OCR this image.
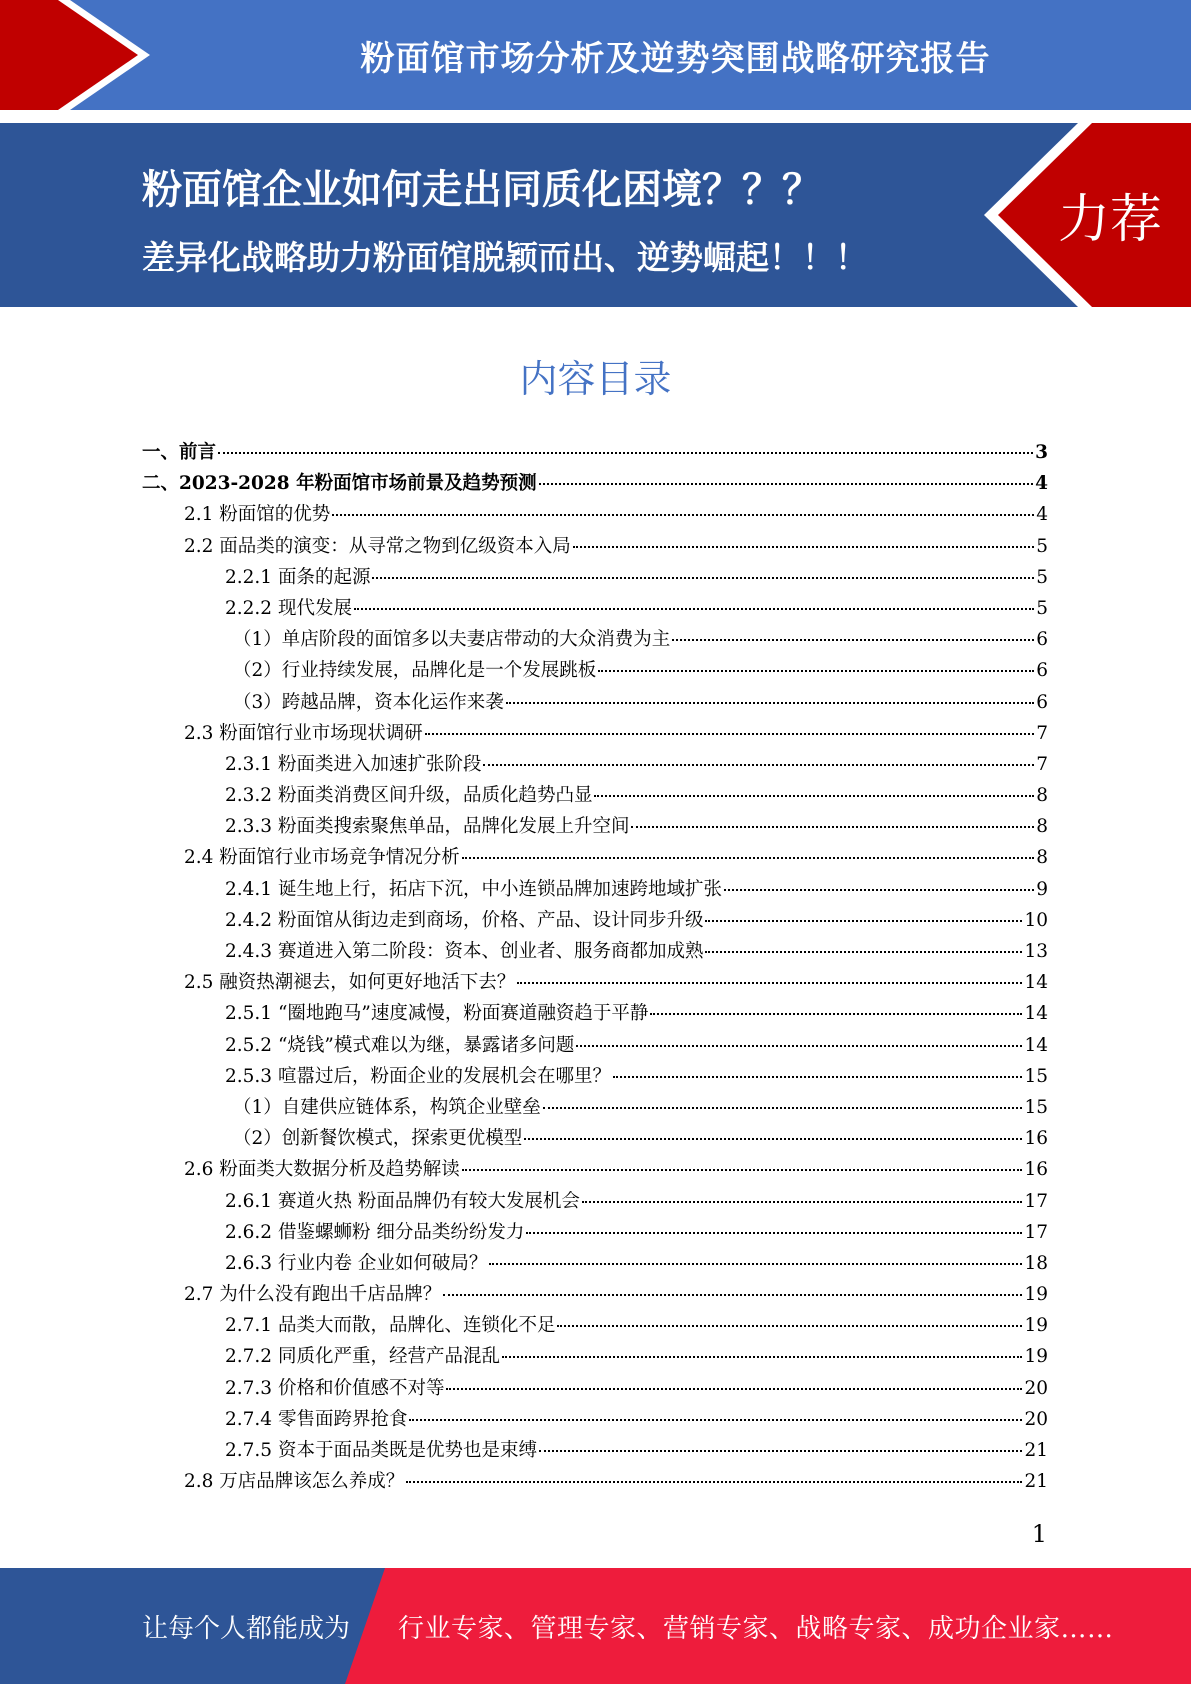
粉面馆市场分析及逆势突围战略研究报告
粉面馆企业如何走出同质化困境？？？
差异化战略助力粉面馆脱颖而出、逆势崛起！！！
力荐
内容目录
一、前言	3
二、2023-2028 年粉面馆市场前景及趋势预测	4
2.1 粉面馆的优势	4
2.2 面品类的演变：从寻常之物到亿级资本入局	5
2.2.1 面条的起源	5
2.2.2 现代发展	5
（1）单店阶段的面馆多以夫妻店带动的大众消费为主	6
（2）行业持续发展，品牌化是一个发展跳板	6
（3）跨越品牌，资本化运作来袭	6
2.3 粉面馆行业市场现状调研	7
2.3.1 粉面类进入加速扩张阶段	7
2.3.2 粉面类消费区间升级，品质化趋势凸显	8
2.3.3 粉面类搜索聚焦单品，品牌化发展上升空间	8
2.4 粉面馆行业市场竞争情况分析	8
2.4.1 诞生地上行，拓店下沉，中小连锁品牌加速跨地域扩张	9
2.4.2 粉面馆从街边走到商场，价格、产品、设计同步升级	10
2.4.3 赛道进入第二阶段：资本、创业者、服务商都加成熟	13
2.5 融资热潮褪去，如何更好地活下去？	14
2.5.1 “圈地跑马”速度减慢，粉面赛道融资趋于平静	14
2.5.2 “烧钱”模式难以为继，暴露诸多问题	14
2.5.3 喧嚣过后，粉面企业的发展机会在哪里？	15
（1）自建供应链体系，构筑企业壁垒	15
（2）创新餐饮模式，探索更优模型	16
2.6 粉面类大数据分析及趋势解读	16
2.6.1 赛道火热 粉面品牌仍有较大发展机会	17
2.6.2 借鉴螺蛳粉 细分品类纷纷发力	17
2.6.3 行业内卷 企业如何破局？	18
2.7 为什么没有跑出千店品牌？	19
2.7.1 品类大而散，品牌化、连锁化不足	19
2.7.2 同质化严重，经营产品混乱	19
2.7.3 价格和价值感不对等	20
2.7.4 零售面跨界抢食	20
2.7.5 资本于面品类既是优势也是束缚	21
2.8 万店品牌该怎么养成？	21
1
让每个人都能成为 行业专家、管理专家、营销专家、战略专家、成功企业家……
